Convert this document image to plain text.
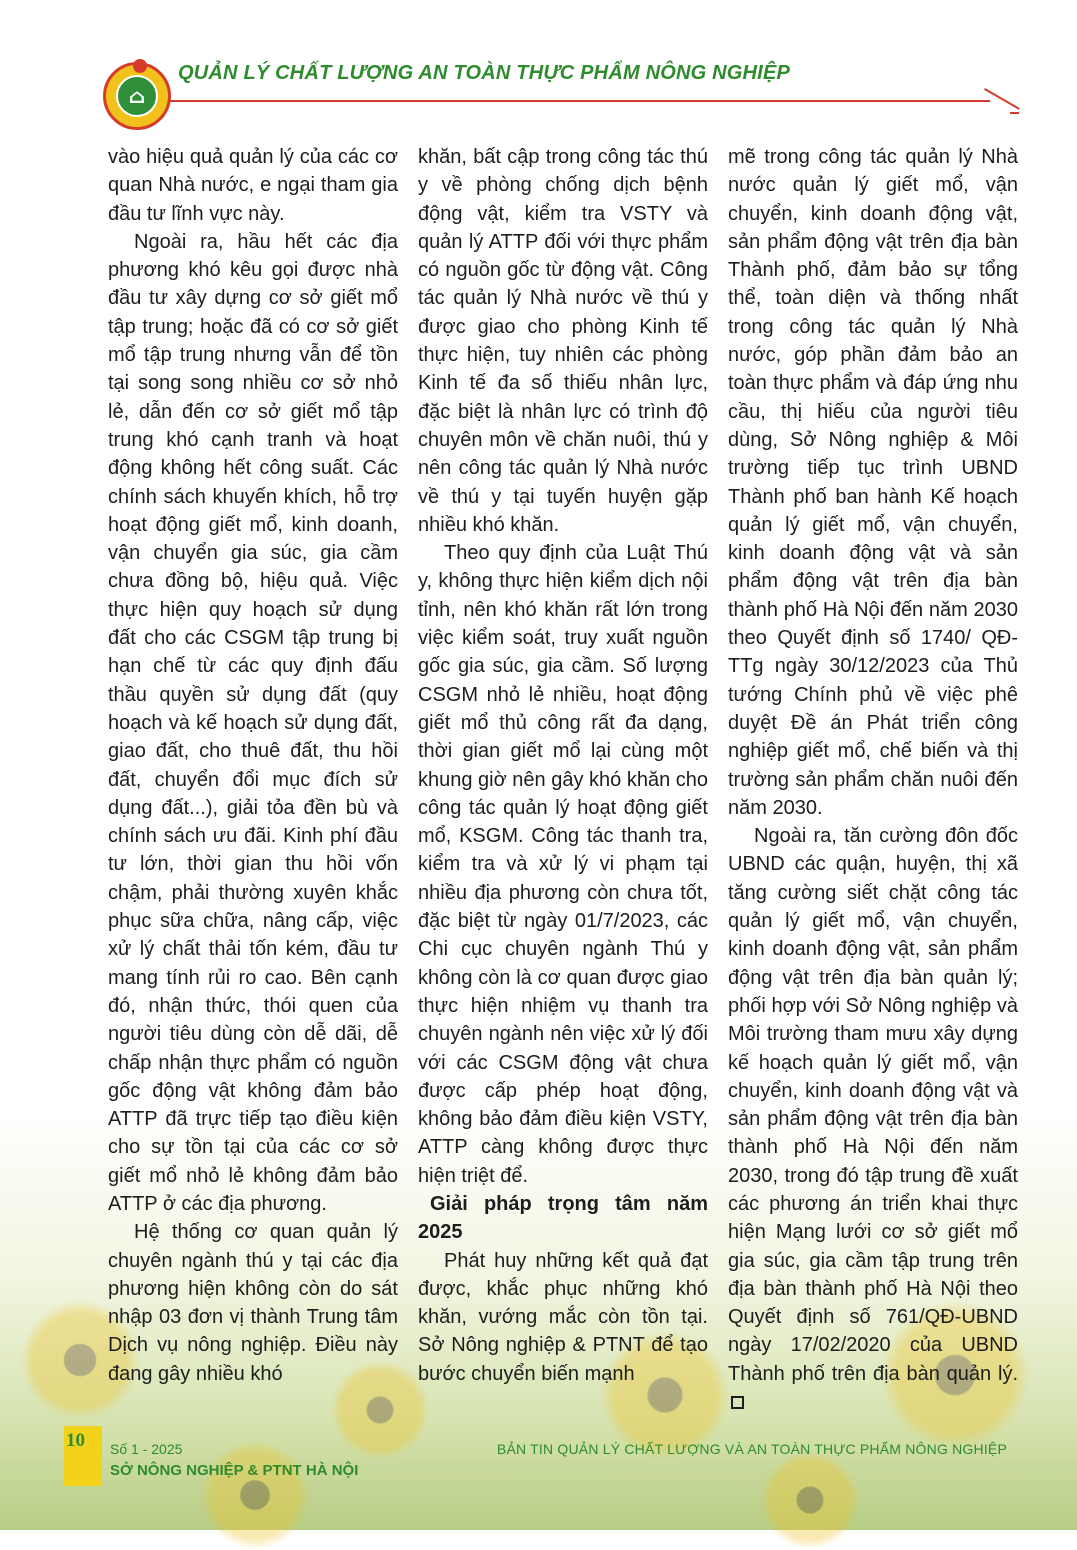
⌂
QUẢN LÝ CHẤT LƯỢNG AN TOÀN THỰC PHẨM NÔNG NGHIỆP

vào hiệu quả quản lý của các cơ quan Nhà nước, e ngại tham gia đầu tư lĩnh vực này.

Ngoài ra, hầu hết các địa phương khó kêu gọi được nhà đầu tư xây dựng cơ sở giết mổ tập trung; hoặc đã có cơ sở giết mổ tập trung nhưng vẫn để tồn tại song song nhiều cơ sở nhỏ lẻ, dẫn đến cơ sở giết mổ tập trung khó cạnh tranh và hoạt động không hết công suất. Các chính sách khuyến khích, hỗ trợ hoạt động giết mổ, kinh doanh, vận chuyển gia súc, gia cầm chưa đồng bộ, hiệu quả. Việc thực hiện quy hoạch sử dụng đất cho các CSGM tập trung bị hạn chế từ các quy định đấu thầu quyền sử dụng đất (quy hoạch và kế hoạch sử dụng đất, giao đất, cho thuê đất, thu hồi đất, chuyển đổi mục đích sử dụng đất...), giải tỏa đền bù và chính sách ưu đãi. Kinh phí đầu tư lớn, thời gian thu hồi vốn chậm, phải thường xuyên khắc phục sữa chữa, nâng cấp, việc xử lý chất thải tốn kém, đầu tư mang tính rủi ro cao. Bên cạnh đó, nhận thức, thói quen của người tiêu dùng còn dễ dãi, dễ chấp nhận thực phẩm có nguồn gốc động vật không đảm bảo ATTP đã trực tiếp tạo điều kiện cho sự tồn tại của các cơ sở giết mổ nhỏ lẻ không đảm bảo ATTP ở các địa phương.

Hệ thống cơ quan quản lý chuyên ngành thú y tại các địa phương hiện không còn do sát nhập 03 đơn vị thành Trung tâm Dịch vụ nông nghiệp. Điều này đang gây nhiều khó

khăn, bất cập trong công tác thú y về phòng chống dịch bệnh động vật, kiểm tra VSTY và quản lý ATTP đối với thực phẩm có nguồn gốc từ động vật. Công tác quản lý Nhà nước về thú y được giao cho phòng Kinh tế thực hiện, tuy nhiên các phòng Kinh tế đa số thiếu nhân lực, đặc biệt là nhân lực có trình độ chuyên môn về chăn nuôi, thú y nên công tác quản lý Nhà nước về thú y tại tuyến huyện gặp nhiều khó khăn.

Theo quy định của Luật Thú y, không thực hiện kiểm dịch nội tỉnh, nên khó khăn rất lớn trong việc kiểm soát, truy xuất nguồn gốc gia súc, gia cầm. Số lượng CSGM nhỏ lẻ nhiều, hoạt động giết mổ thủ công rất đa dạng, thời gian giết mổ lại cùng một khung giờ nên gây khó khăn cho công tác quản lý hoạt động giết mổ, KSGM. Công tác thanh tra, kiểm tra và xử lý vi phạm tại nhiều địa phương còn chưa tốt, đặc biệt từ ngày 01/7/2023, các Chi cục chuyên ngành Thú y không còn là cơ quan được giao thực hiện nhiệm vụ thanh tra chuyên ngành nên việc xử lý đối với các CSGM động vật chưa được cấp phép hoạt động, không bảo đảm điều kiện VSTY, ATTP càng không được thực hiện triệt để.

Giải pháp trọng tâm năm 2025

Phát huy những kết quả đạt được, khắc phục những khó khăn, vướng mắc còn tồn tại. Sở Nông nghiệp & PTNT để tạo bước chuyển biến mạnh

mẽ trong công tác quản lý Nhà nước quản lý giết mổ, vận chuyển, kinh doanh động vật, sản phẩm động vật trên địa bàn Thành phố, đảm bảo sự tổng thể, toàn diện và thống nhất trong công tác quản lý Nhà nước, góp phần đảm bảo an toàn thực phẩm và đáp ứng nhu cầu, thị hiếu của người tiêu dùng, Sở Nông nghiệp & Môi trường tiếp tục trình UBND Thành phố ban hành Kế hoạch quản lý giết mổ, vận chuyển, kinh doanh động vật và sản phẩm động vật trên địa bàn thành phố Hà Nội đến năm 2030 theo Quyết định số 1740/ QĐ-TTg ngày 30/12/2023 của Thủ tướng Chính phủ về việc phê duyệt Đề án Phát triển công nghiệp giết mổ, chế biến và thị trường sản phẩm chăn nuôi đến năm 2030.

Ngoài ra, tăn cường đôn đốc UBND các quận, huyện, thị xã tăng cường siết chặt công tác quản lý giết mổ, vận chuyển, kinh doanh động vật, sản phẩm động vật trên địa bàn quản lý; phối hợp với Sở Nông nghiệp và Môi trường tham mưu xây dựng kế hoạch quản lý giết mổ, vận chuyển, kinh doanh động vật và sản phẩm động vật trên địa bàn thành phố Hà Nội đến năm 2030, trong đó tập trung đề xuất các phương án triển khai thực hiện Mạng lưới cơ sở giết mổ gia súc, gia cầm tập trung trên địa bàn thành phố Hà Nội theo Quyết định số 761/QĐ-UBND ngày 17/02/2020 của UBND Thành phố trên địa bàn quản lý.

10 Số 1 - 2025
SỞ NÔNG NGHIỆP & PTNT HÀ NỘI
BẢN TIN QUẢN LÝ CHẤT LƯỢNG VÀ AN TOÀN THỰC PHẨM NÔNG NGHIỆP
